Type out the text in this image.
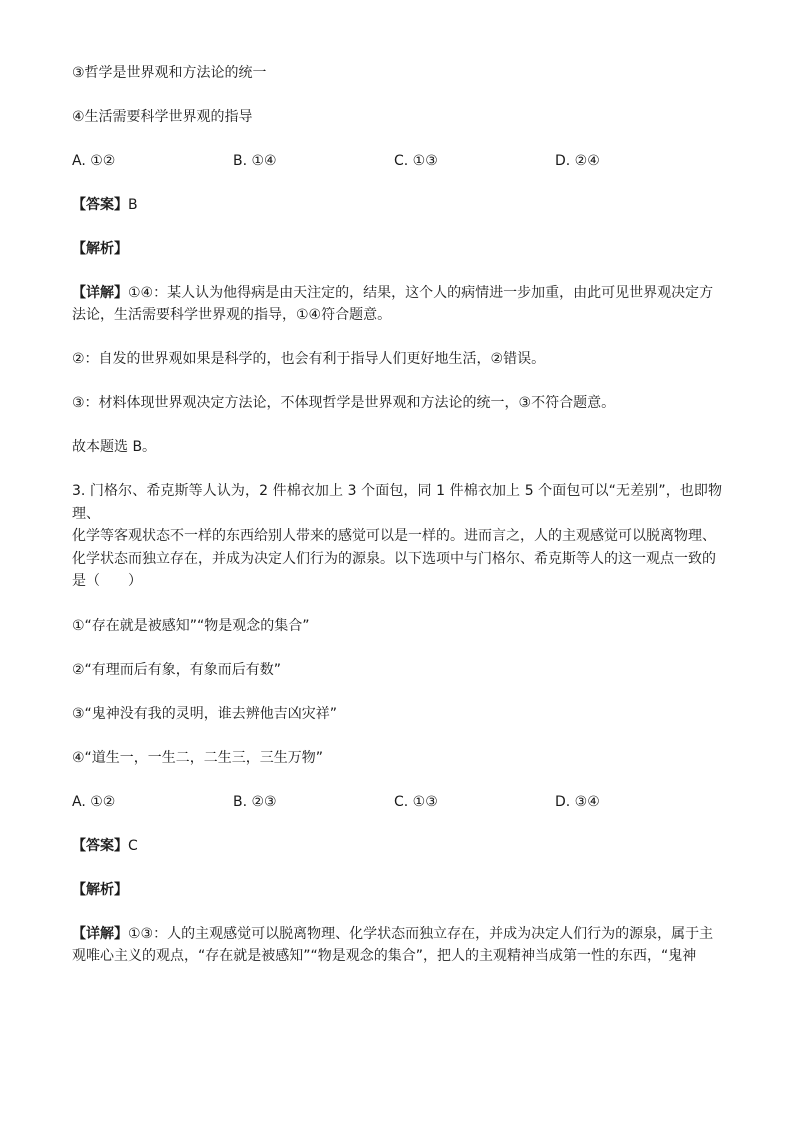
③哲学是世界观和方法论的统一

④生活需要科学世界观的指导

A. ①②	B. ①④	C. ①③	D. ②④

【答案】B

【解析】

【详解】①④：某人认为他得病是由天注定的，结果，这个人的病情进一步加重，由此可见世界观决定方
法论，生活需要科学世界观的指导，①④符合题意。

②：自发的世界观如果是科学的，也会有利于指导人们更好地生活，②错误。

③：材料体现世界观决定方法论，不体现哲学是世界观和方法论的统一，③不符合题意。

故本题选 B。

3. 门格尔、希克斯等人认为，2 件棉衣加上 3 个面包，同 1 件棉衣加上 5 个面包可以“无差别”，也即物理、
化学等客观状态不一样的东西给别人带来的感觉可以是一样的。进而言之，人的主观感觉可以脱离物理、
化学状态而独立存在，并成为决定人们行为的源泉。以下选项中与门格尔、希克斯等人的这一观点一致的
是（　　）

①“存在就是被感知”“物是观念的集合”

②“有理而后有象，有象而后有数”

③“鬼神没有我的灵明，谁去辨他吉凶灾祥”

④“道生一，一生二，二生三，三生万物”

A. ①②	B. ②③	C. ①③	D. ③④

【答案】C

【解析】

【详解】①③：人的主观感觉可以脱离物理、化学状态而独立存在，并成为决定人们行为的源泉，属于主
观唯心主义的观点，“存在就是被感知”“物是观念的集合”，把人的主观精神当成第一性的东西，“鬼神
